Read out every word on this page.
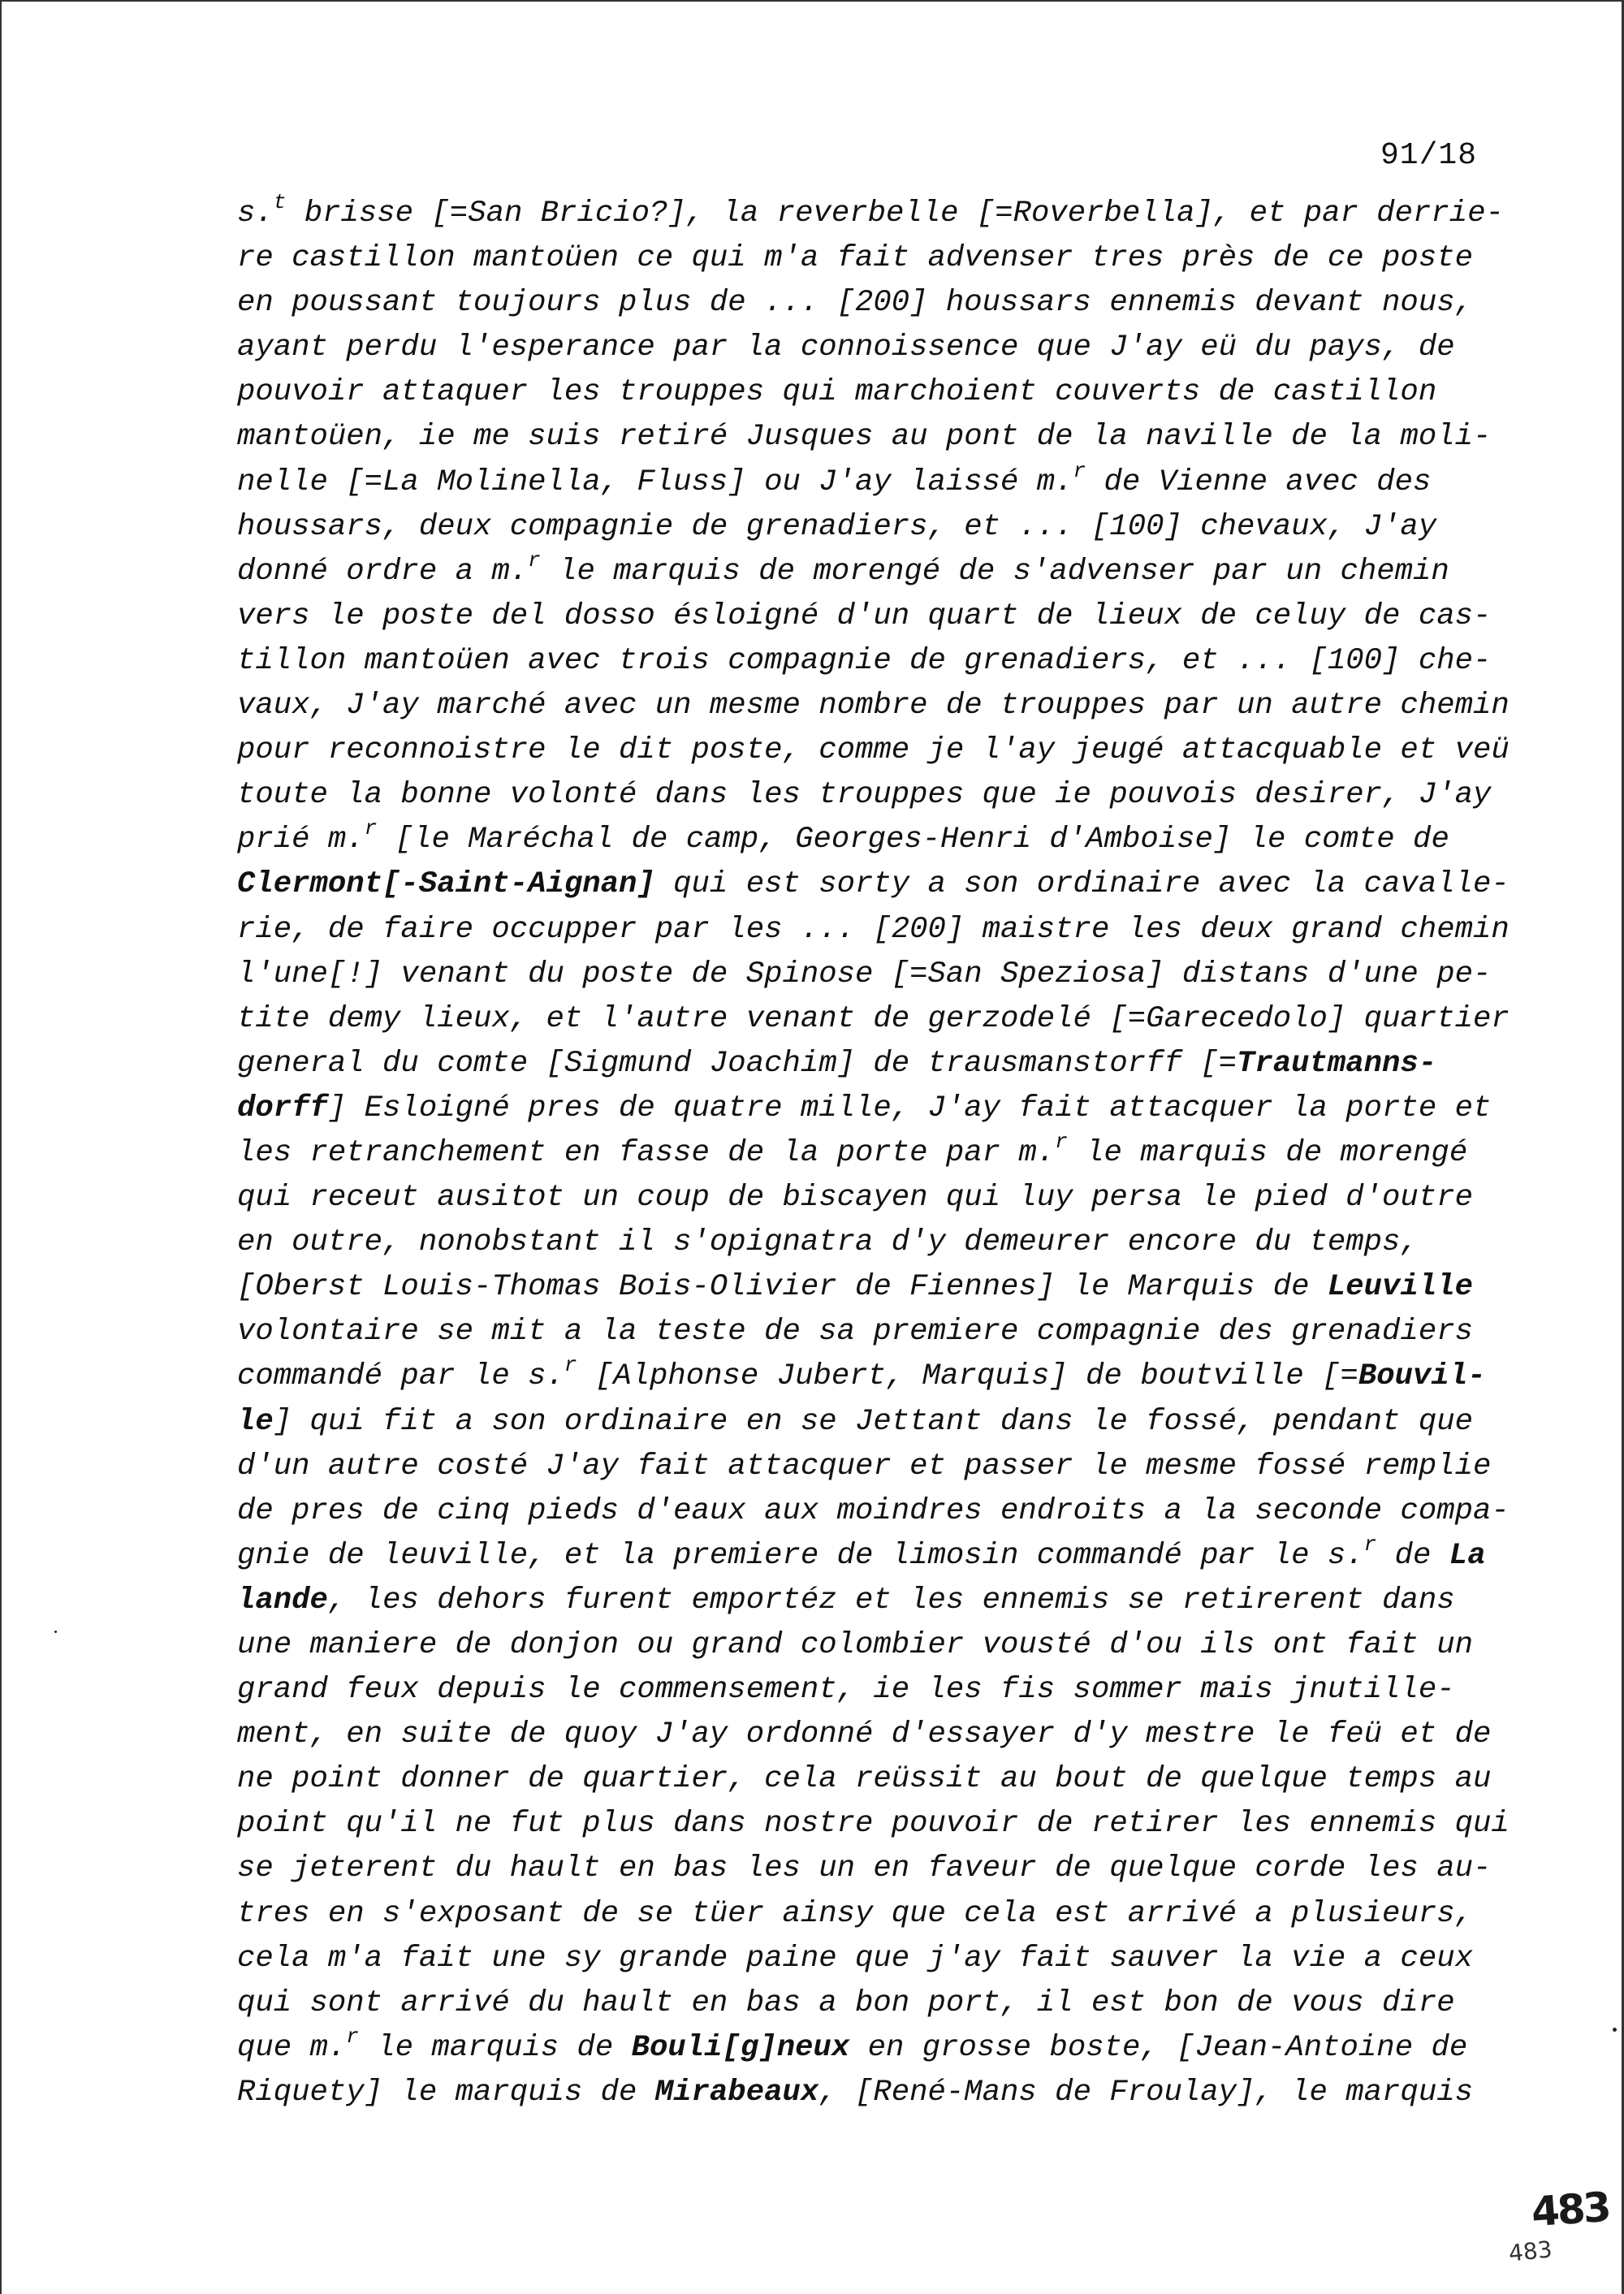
91/18
s.$^t$ brisse [=San Bricio?], la reverbelle [=Roverbella], et par derrie-
re castillon mantoüen ce qui m'a fait advenser tres près de ce poste
en poussant toujours plus de ... [200] houssars ennemis devant nous,
ayant perdu l'esperance par la connoissence que J'ay eü du pays, de
pouvoir attaquer les trouppes qui marchoient couverts de castillon
mantoüen, ie me suis retiré Jusques au pont de la naville de la moli-
nelle [=La Molinella, Fluss] ou J'ay laissé m.$^r$ de Vienne avec des
houssars, deux compagnie de grenadiers, et ... [100] chevaux, J'ay
donné ordre a m.$^r$ le marquis de morengé de s'advenser par un chemin
vers le poste del dosso ésloigné d'un quart de lieux de celuy de cas-
tillon mantoüen avec trois compagnie de grenadiers, et ... [100] che-
vaux, J'ay marché avec un mesme nombre de trouppes par un autre chemin
pour reconnoistre le dit poste, comme je l'ay jeugé attacquable et veü
toute la bonne volonté dans les trouppes que ie pouvois desirer, J'ay
prié m.$^r$ [le Maréchal de camp, Georges-Henri d'Amboise] le comte de
Clermont[-Saint-Aignan] qui est sorty a son ordinaire avec la cavalle-
rie, de faire occupper par les ... [200] maistre les deux grand chemin
l'une[!] venant du poste de Spinose [=San Speziosa] distans d'une pe-
tite demy lieux, et l'autre venant de gerzodelé [=Garecedolo] quartier
general du comte [Sigmund Joachim] de trausmanstorff [=Trautmanns-
dorff] Esloigné pres de quatre mille, J'ay fait attacquer la porte et
les retranchement en fasse de la porte par m.$^r$ le marquis de morengé
qui receut ausitot un coup de biscayen qui luy persa le pied d'outre
en outre, nonobstant il s'opignatra d'y demeurer encore du temps,
[Oberst Louis-Thomas Bois-Olivier de Fiennes] le Marquis de Leuville
volontaire se mit a la teste de sa premiere compagnie des grenadiers
commandé par le s.$^r$ [Alphonse Jubert, Marquis] de boutville [=Bouvil-
le] qui fit a son ordinaire en se Jettant dans le fossé, pendant que
d'un autre costé J'ay fait attacquer et passer le mesme fossé remplie
de pres de cinq pieds d'eaux aux moindres endroits a la seconde compa-
gnie de leuville, et la premiere de limosin commandé par le s.$^r$ de La
lande, les dehors furent emportéz et les ennemis se retirerent dans
une maniere de donjon ou grand colombier vousté d'ou ils ont fait un
grand feux depuis le commensement, ie les fis sommer mais jnutille-
ment, en suite de quoy J'ay ordonné d'essayer d'y mestre le feü et de
ne point donner de quartier, cela reüssit au bout de quelque temps au
point qu'il ne fut plus dans nostre pouvoir de retirer les ennemis qui
se jeterent du hault en bas les un en faveur de quelque corde les au-
tres en s'exposant de se tüer ainsy que cela est arrivé a plusieurs,
cela m'a fait une sy grande paine que j'ay fait sauver la vie a ceux
qui sont arrivé du hault en bas a bon port, il est bon de vous dire
que m.$^r$ le marquis de Bouli[g]neux en grosse boste, [Jean-Antoine de
Riquety] le marquis de Mirabeaux, [René-Mans de Froulay], le marquis
483
483
